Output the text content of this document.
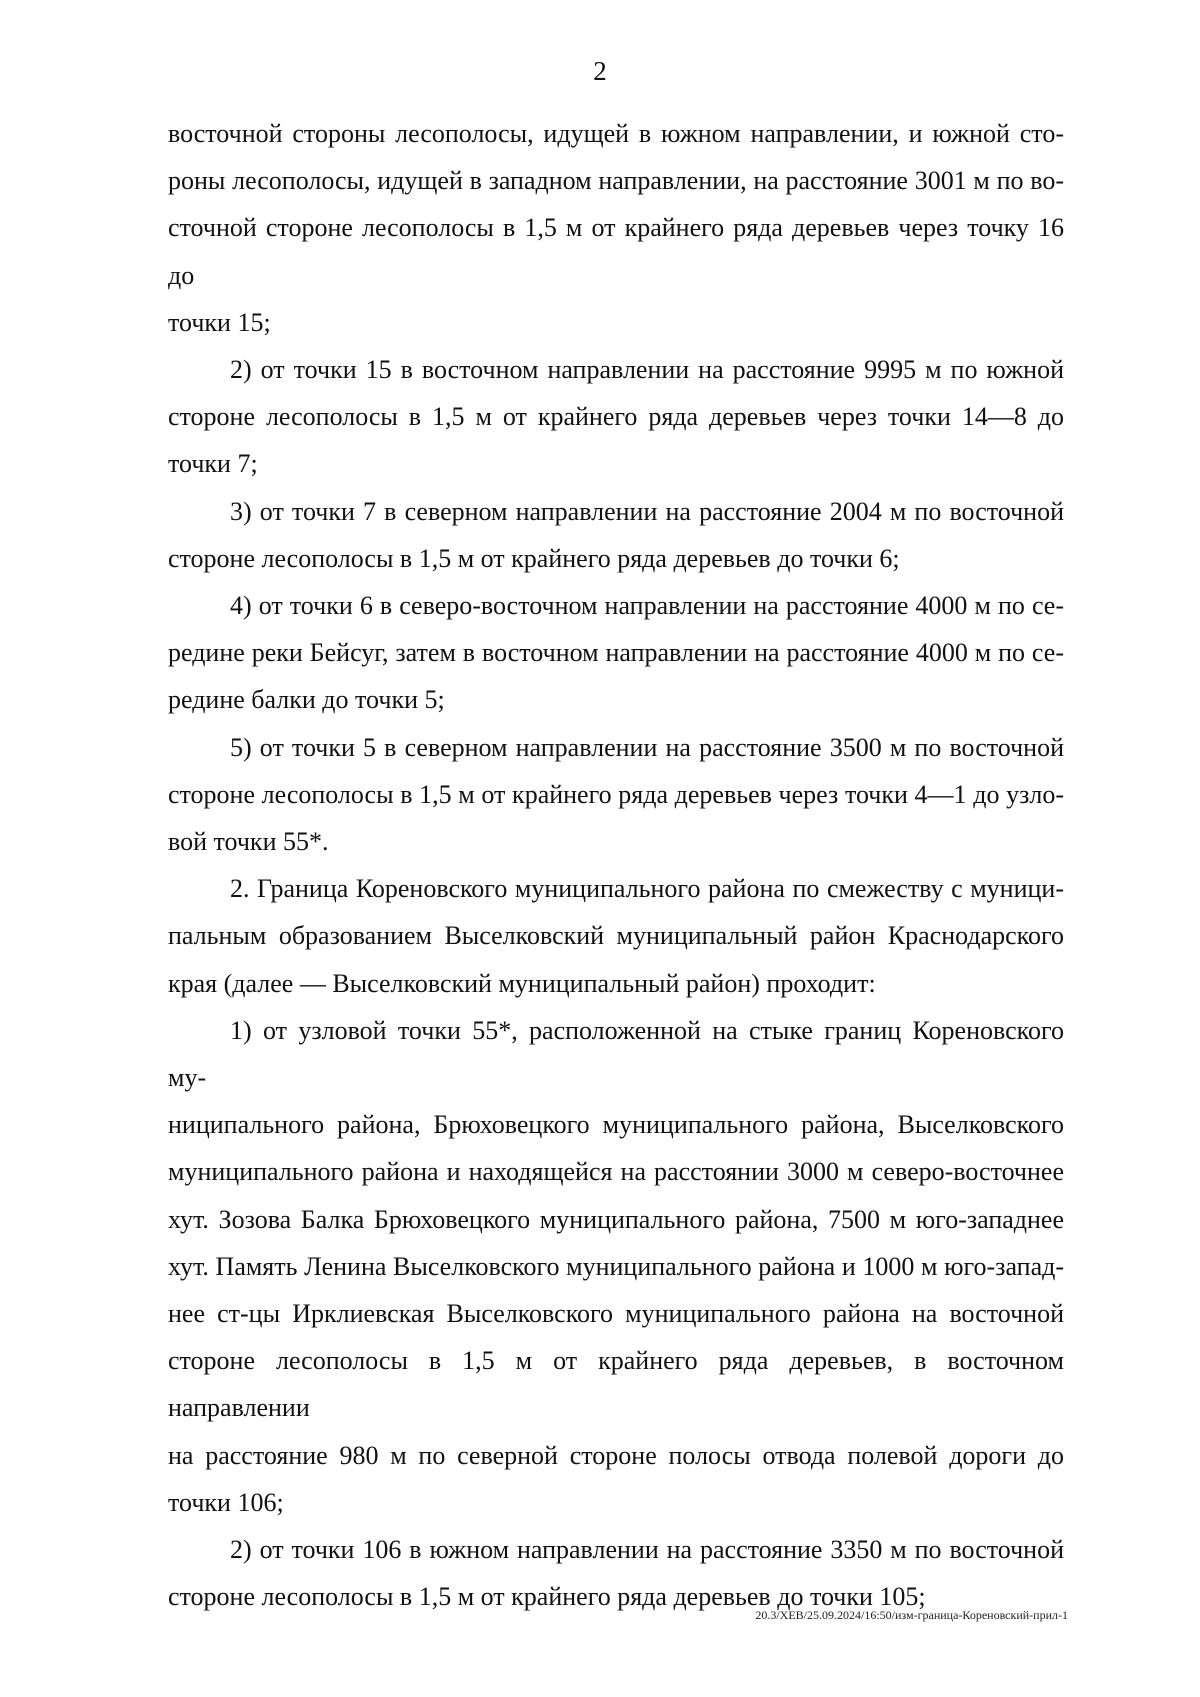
2

восточной стороны лесополосы, идущей в южном направлении, и южной сто-

роны лесополосы, идущей в западном направлении, на расстояние 3001 м по во-

сточной стороне лесополосы в 1,5 м от крайнего ряда деревьев через точку 16 до

точки 15;

2) от точки 15 в восточном направлении на расстояние 9995 м по южной

стороне лесополосы в 1,5 м от крайнего ряда деревьев через точки 14—8 до

точки 7;

3) от точки 7 в северном направлении на расстояние 2004 м по восточной

стороне лесополосы в 1,5 м от крайнего ряда деревьев до точки 6;

4) от точки 6 в северо-восточном направлении на расстояние 4000 м по се-

редине реки Бейсуг, затем в восточном направлении на расстояние 4000 м по се-

редине балки до точки 5;

5) от точки 5 в северном направлении на расстояние 3500 м по восточной

стороне лесополосы в 1,5 м от крайнего ряда деревьев через точки 4—1 до узло-

вой точки 55*.

2. Граница Кореновского муниципального района по смежеству с муници-

пальным образованием Выселковский муниципальный район Краснодарского

края (далее — Выселковский муниципальный район) проходит:

1) от узловой точки 55*, расположенной на стыке границ Кореновского му-

ниципального района, Брюховецкого муниципального района, Выселковского

муниципального района и находящейся на расстоянии 3000 м северо-восточнее

хут. Зозова Балка Брюховецкого муниципального района, 7500 м юго-западнее

хут. Память Ленина Выселковского муниципального района и 1000 м юго-запад-

нее ст-цы Ирклиевская Выселковского муниципального района на восточной

стороне лесополосы в 1,5 м от крайнего ряда деревьев, в восточном направлении

на расстояние 980 м по северной стороне полосы отвода полевой дороги до

точки 106;

2) от точки 106 в южном направлении на расстояние 3350 м по восточной

стороне лесополосы в 1,5 м от крайнего ряда деревьев до точки 105;

20.3/ХЕВ/25.09.2024/16:50/изм-граница-Кореновский-прил-1
